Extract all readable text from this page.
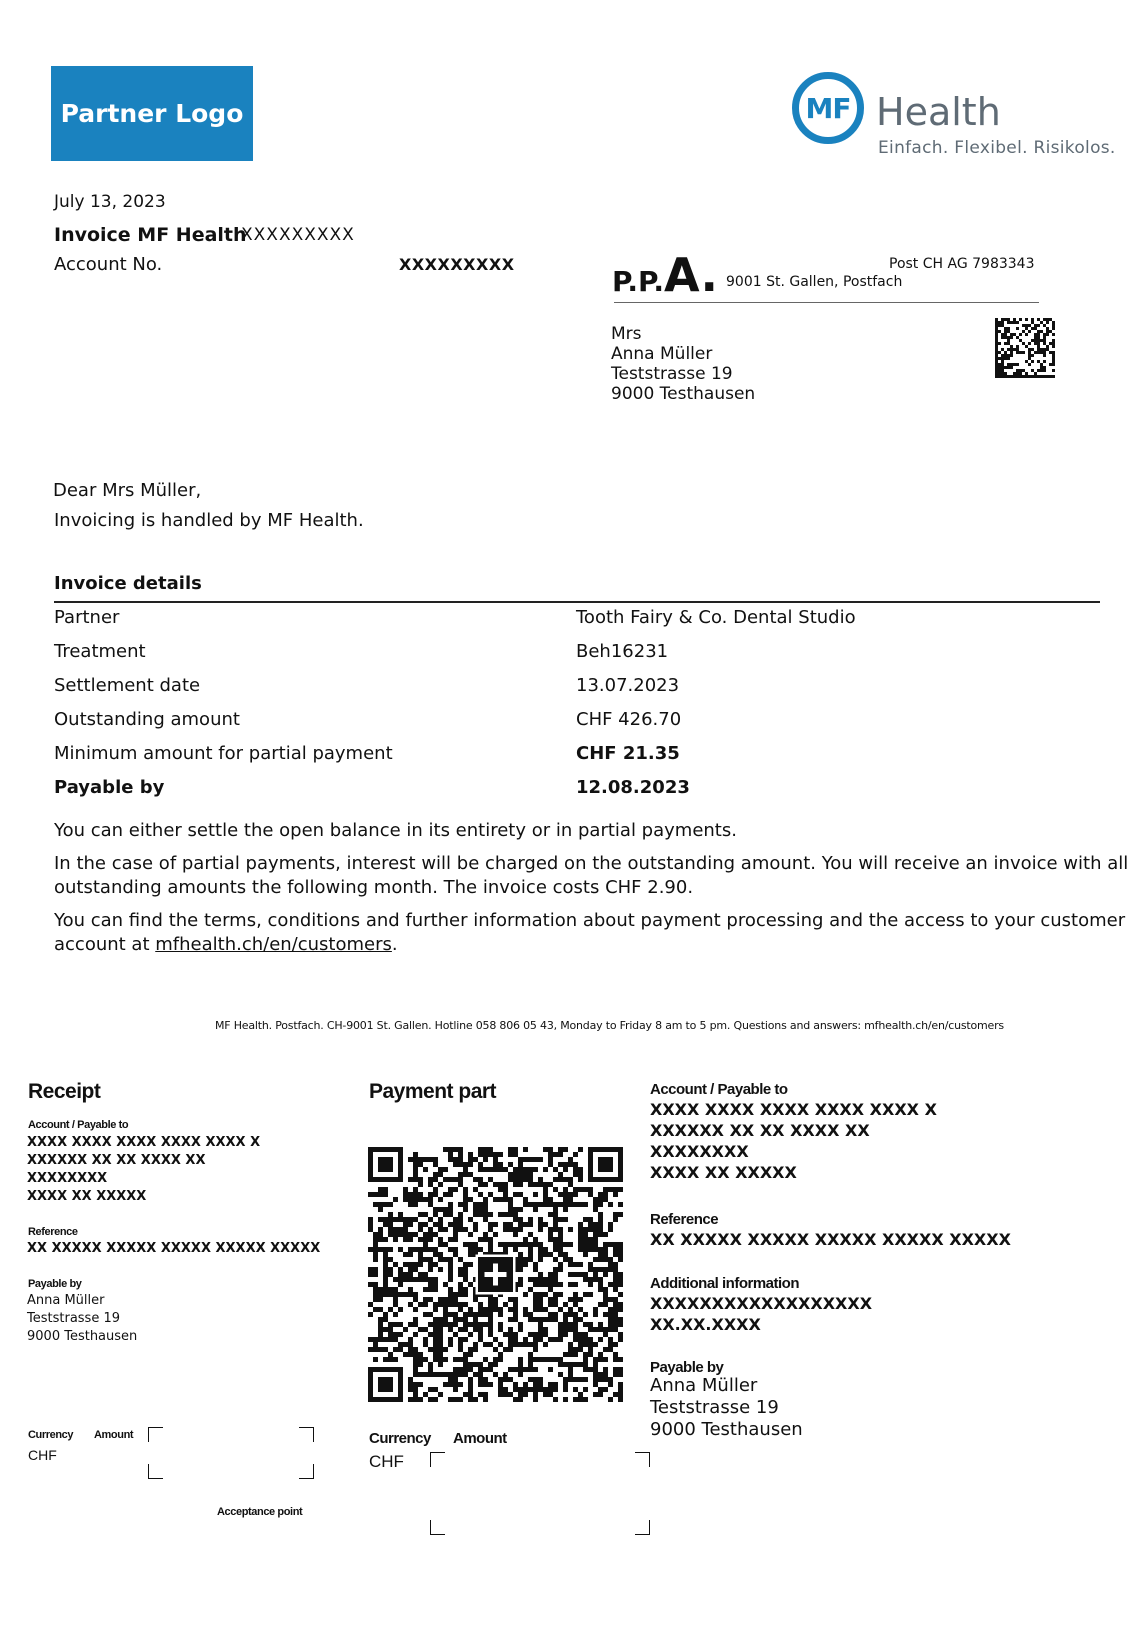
Partner Logo	MF Health
Einfach. Flexibel. Risikolos.
July 13, 2023
Invoice MF Health
XXXXXXXXX
Account No.	XXXXXXXXX
P.P.A.	Post CH AG 7983343
9001 St. Gallen, Postfach
Mrs
Anna Müller
Teststrasse 19
9000 Testhausen
Dear Mrs Müller,
Invoicing is handled by MF Health.
Invoice details
Partner	Tooth Fairy & Co. Dental Studio
Treatment	Beh16231
Settlement date	13.07.2023
Outstanding amount	CHF 426.70
Minimum amount for partial payment	CHF 21.35
Payable by	12.08.2023
You can either settle the open balance in its entirety or in partial payments.
In the case of partial payments, interest will be charged on the outstanding amount. You will receive an invoice with all
outstanding amounts the following month. The invoice costs CHF 2.90.
You can find the terms, conditions and further information about payment processing and the access to your customer
account at mfhealth.ch/en/customers.
MF Health. Postfach. CH-9001 St. Gallen. Hotline 058 806 05 43, Monday to Friday 8 am to 5 pm. Questions and answers: mfhealth.ch/en/customers
Receipt
Account / Payable to
XXXX XXXX XXXX XXXX XXXX X
XXXXXX XX XX XXXX XX
XXXXXXXX
XXXX XX XXXXX
Reference
XX XXXXX XXXXX XXXXX XXXXX XXXXX
Payable by
Anna Müller
Teststrasse 19
9000 Testhausen
Currency Amount
CHF
Acceptance point
Payment part
Currency Amount
CHF
Account / Payable to
XXXX XXXX XXXX XXXX XXXX X
XXXXXX XX XX XXXX XX
XXXXXXXX
XXXX XX XXXXX
Reference
XX XXXXX XXXXX XXXXX XXXXX XXXXX
Additional information
XXXXXXXXXXXXXXXXXX
XX.XX.XXXX
Payable by
Anna Müller
Teststrasse 19
9000 Testhausen
